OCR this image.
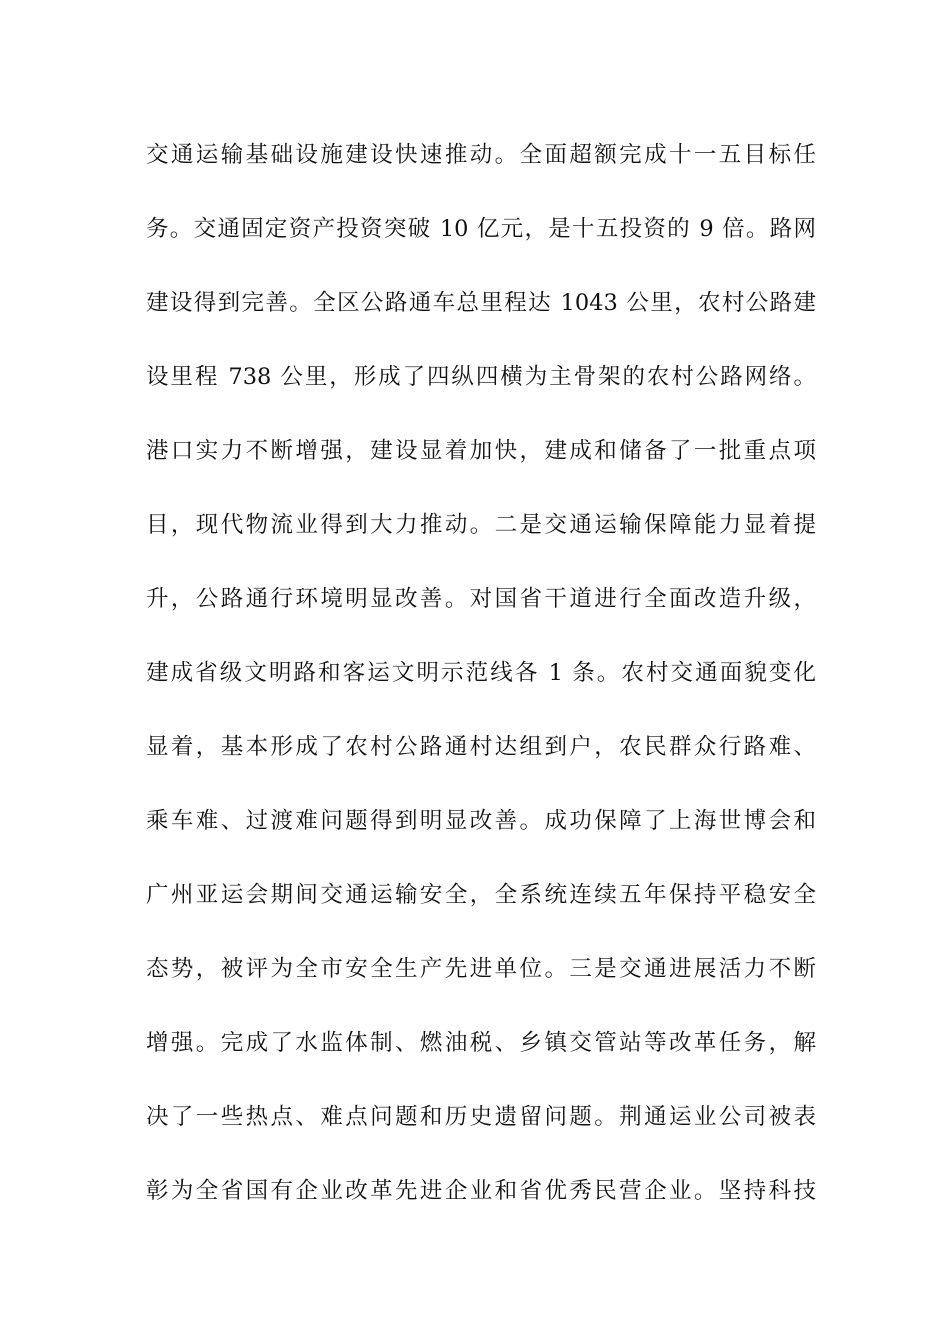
交通运输基础设施建设快速推动。全面超额完成十一五目标任
务。交通固定资产投资突破 10 亿元，是十五投资的 9 倍。路网
建设得到完善。全区公路通车总里程达 1043 公里，农村公路建
设里程 738 公里，形成了四纵四横为主骨架的农村公路网络。
港口实力不断增强，建设显着加快，建成和储备了一批重点项
目，现代物流业得到大力推动。二是交通运输保障能力显着提
升，公路通行环境明显改善。对国省干道进行全面改造升级，
建成省级文明路和客运文明示范线各 1 条。农村交通面貌变化
显着，基本形成了农村公路通村达组到户，农民群众行路难、
乘车难、过渡难问题得到明显改善。成功保障了上海世博会和
广州亚运会期间交通运输安全，全系统连续五年保持平稳安全
态势，被评为全市安全生产先进单位。三是交通进展活力不断
增强。完成了水监体制、燃油税、乡镇交管站等改革任务，解
决了一些热点、难点问题和历史遗留问题。荆通运业公司被表
彰为全省国有企业改革先进企业和省优秀民营企业。坚持科技
